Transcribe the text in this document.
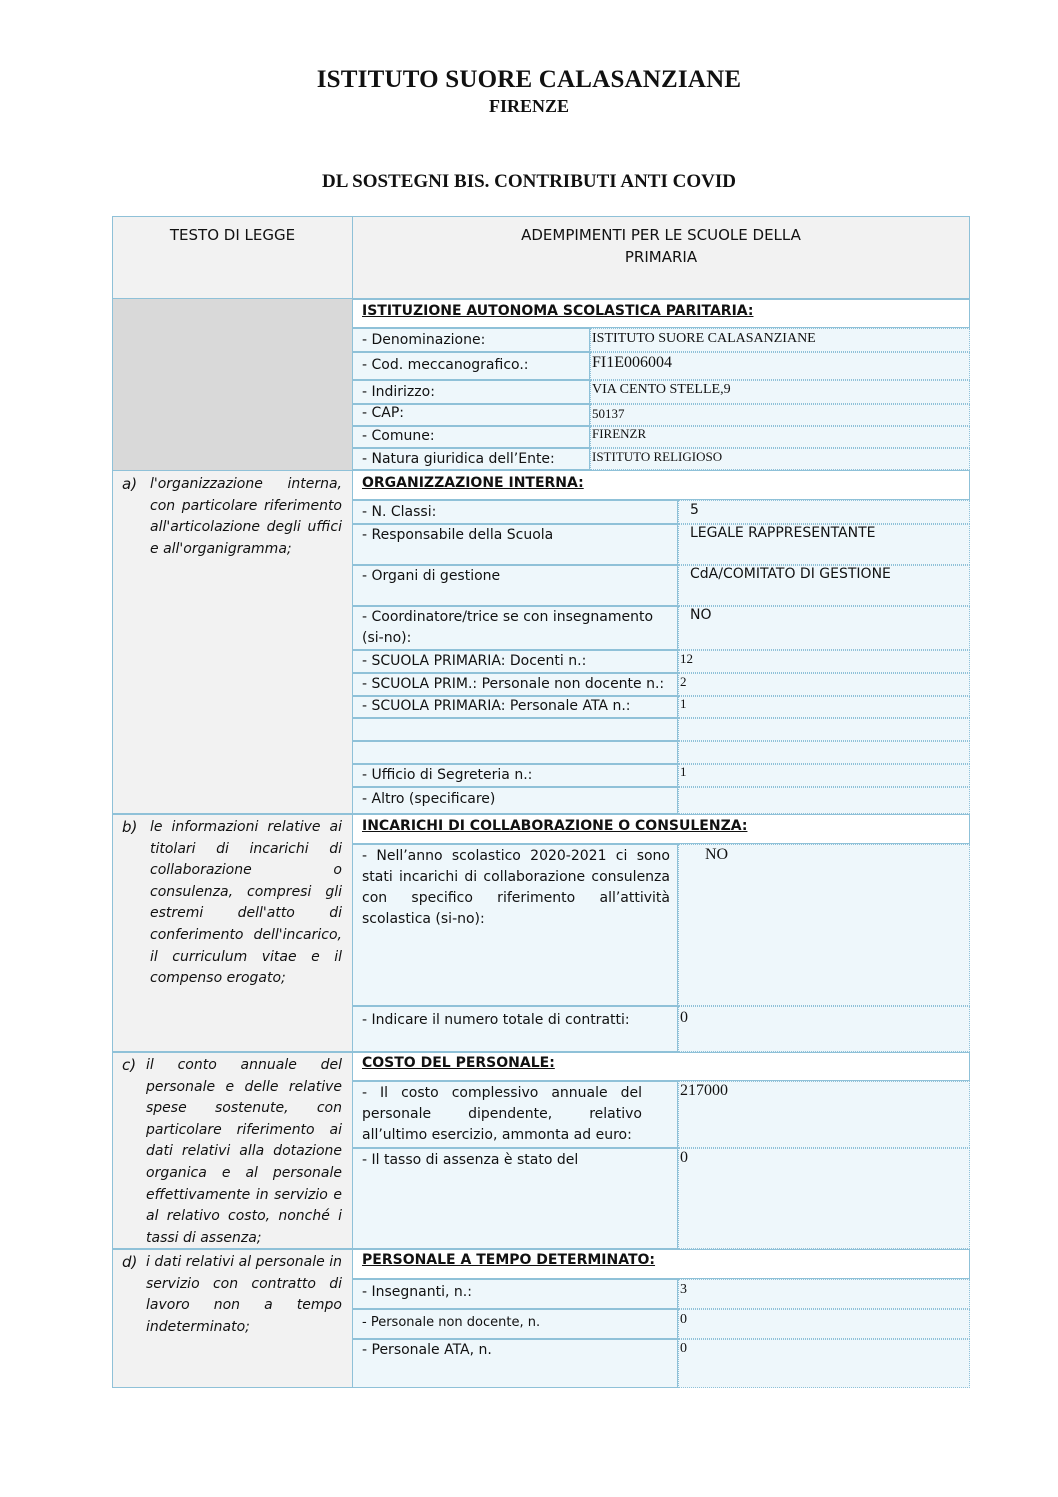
ISTITUTO SUORE CALASANZIANE
FIRENZE
DL SOSTEGNI BIS. CONTRIBUTI ANTI COVID
TESTO DI LEGGE	ADEMPIMENTI PER LE SCUOLE DELLA
PRIMARIA
ISTITUZIONE AUTONOMA SCOLASTICA PARITARIA:
- Denominazione:	ISTITUTO SUORE CALASANZIANE
- Cod. meccanografico.:	FI1E006004
- Indirizzo:	VIA CENTO STELLE,9
- CAP:	50137
- Comune:	FIRENZR
- Natura giuridica dell’Ente:	ISTITUTO RELIGIOSO
a) l'organizzazione interna, con particolare riferimento all'articolazione degli uffici e all'organigramma;
ORGANIZZAZIONE INTERNA:
- N. Classi:	5
- Responsabile della Scuola	LEGALE RAPPRESENTANTE
- Organi di gestione	CdA/COMITATO DI GESTIONE
- Coordinatore/trice se con insegnamento (si-no):
NO
- SCUOLA PRIMARIA: Docenti n.:	12
- SCUOLA PRIM.: Personale non docente n.: 2
- SCUOLA PRIMARIA: Personale ATA n.:	1
- Ufficio di Segreteria n.:	1
- Altro (specificare)
b) le informazioni relative ai titolari di incarichi di collaborazione o consulenza, compresi gli estremi dell'atto di conferimento dell'incarico, il curriculum vitae e il compenso erogato;
INCARICHI DI COLLABORAZIONE O CONSULENZA:
- Nell’anno scolastico 2020-2021 ci sono stati incarichi di collaborazione consulenza con specifico riferimento all’attività scolastica (si-no):
NO
- Indicare il numero totale di contratti:	0
c) il conto annuale del personale e delle relative spese sostenute, con particolare riferimento ai dati relativi alla dotazione organica e al personale effettivamente in servizio e al relativo costo, nonché i tassi di assenza;
COSTO DEL PERSONALE:
- Il costo complessivo annuale del personale dipendente, relativo all’ultimo esercizio, ammonta ad euro:
217000
- Il tasso di assenza è stato del	0
d) i dati relativi al personale in servizio con contratto di lavoro non a tempo indeterminato;
PERSONALE A TEMPO DETERMINATO:
- Insegnanti, n.:	3
- Personale non docente, n.	0
- Personale ATA, n.	0
